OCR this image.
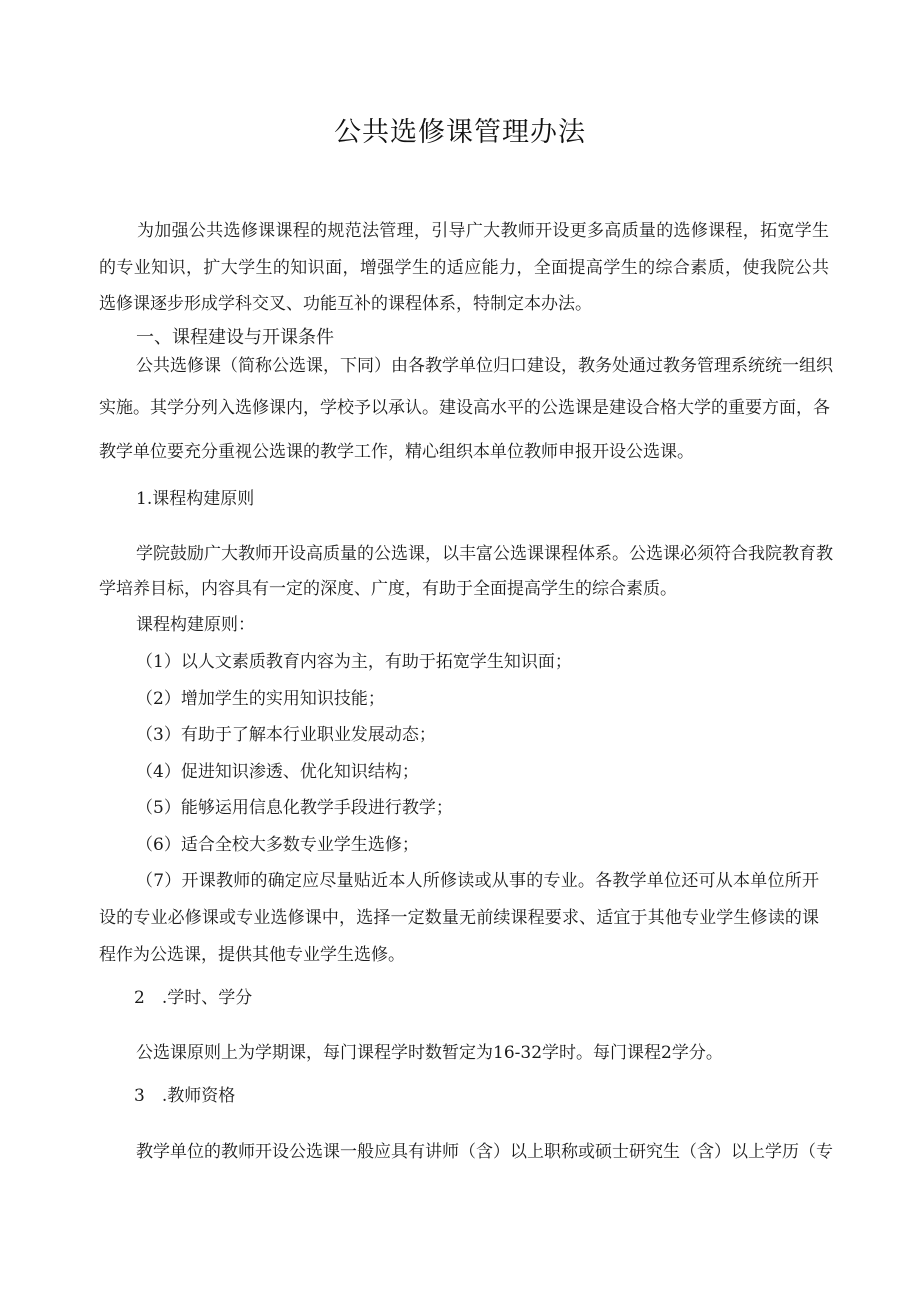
公共选修课管理办法
为加强公共选修课课程的规范法管理，引导广大教师开设更多高质量的选修课程，拓宽学生
的专业知识，扩大学生的知识面，增强学生的适应能力，全面提高学生的综合素质，使我院公共
选修课逐步形成学科交叉、功能互补的课程体系，特制定本办法。
一、课程建设与开课条件
公共选修课（简称公选课，下同）由各教学单位归口建设，教务处通过教务管理系统统一组织
实施。其学分列入选修课内，学校予以承认。建设高水平的公选课是建设合格大学的重要方面，各
教学单位要充分重视公选课的教学工作，精心组织本单位教师申报开设公选课。
1.课程构建原则
学院鼓励广大教师开设高质量的公选课，以丰富公选课课程体系。公选课必须符合我院教育教
学培养目标，内容具有一定的深度、广度，有助于全面提高学生的综合素质。
课程构建原则：
（1）以人文素质教育内容为主，有助于拓宽学生知识面；
（2）增加学生的实用知识技能；
（3）有助于了解本行业职业发展动态；
（4）促进知识渗透、优化知识结构；
（5）能够运用信息化教学手段进行教学；
（6）适合全校大多数专业学生选修；
（7）开课教师的确定应尽量贴近本人所修读或从事的专业。各教学单位还可从本单位所开
设的专业必修课或专业选修课中，选择一定数量无前续课程要求、适宜于其他专业学生修读的课
程作为公选课，提供其他专业学生选修。
2　.学时、学分
公选课原则上为学期课，每门课程学时数暂定为16-32学时。每门课程2学分。
3　.教师资格
教学单位的教师开设公选课一般应具有讲师（含）以上职称或硕士研究生（含）以上学历（专
